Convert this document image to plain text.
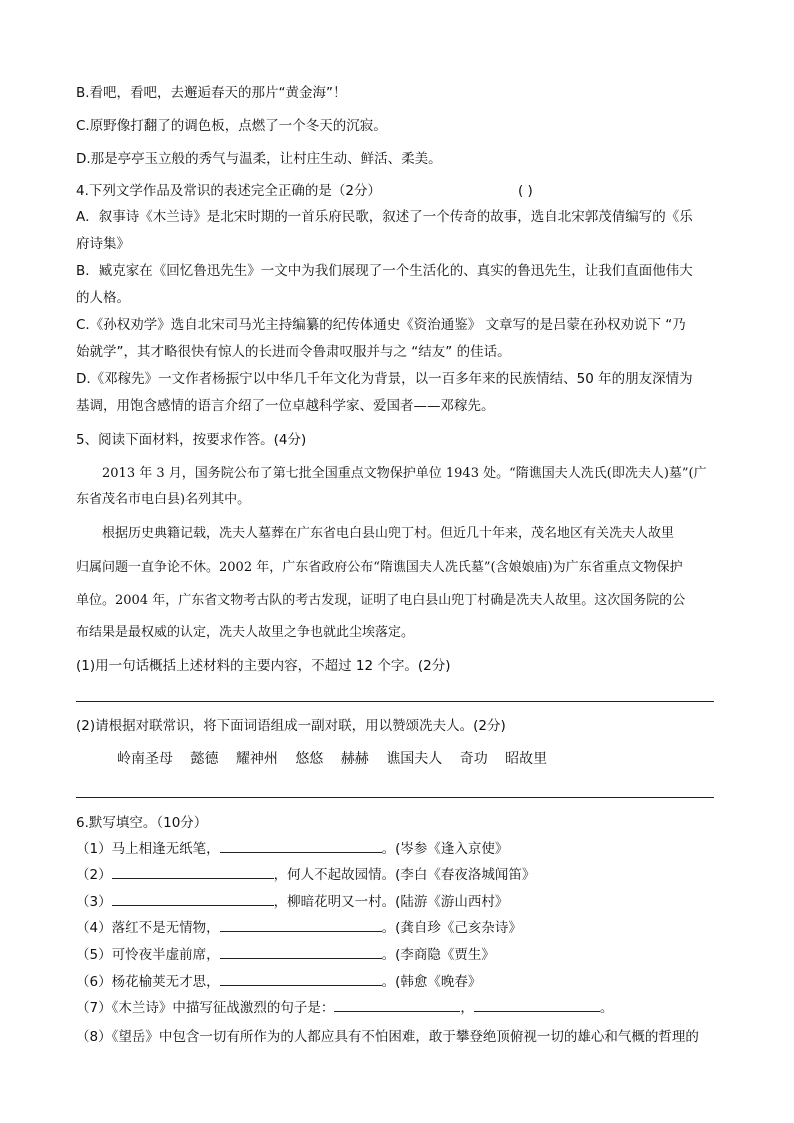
B.看吧，看吧，去邂逅春天的那片“黄金海”！
C.原野像打翻了的调色板，点燃了一个冬天的沉寂。
D.那是亭亭玉立般的秀气与温柔，让村庄生动、鲜活、柔美。
4.下列文学作品及常识的表述完全正确的是（2分）	( )
A．叙事诗《木兰诗》是北宋时期的一首乐府民歌，叙述了一个传奇的故事，选自北宋郭茂倩编写的《乐
府诗集》
B．臧克家在《回忆鲁迅先生》一文中为我们展现了一个生活化的、真实的鲁迅先生，让我们直面他伟大
的人格。
C.《孙权劝学》选自北宋司马光主持编纂的纪传体通史《资治通鉴》 文章写的是吕蒙在孙权劝说下 “乃
始就学”，其才略很快有惊人的长进而令鲁肃叹服并与之 “结友” 的佳话。
D.《邓稼先》一文作者杨振宁以中华几千年文化为背景，以一百多年来的民族情结、50 年的朋友深情为
基调，用饱含感情的语言介绍了一位卓越科学家、爱国者——邓稼先。
5、阅读下面材料，按要求作答。(4分)
2013 年 3 月，国务院公布了第七批全国重点文物保护单位 1943 处。“隋谯国夫人冼氏(即冼夫人)墓”(广
东省茂名市电白县)名列其中。
根据历史典籍记载，冼夫人墓葬在广东省电白县山兜丁村。但近几十年来，茂名地区有关冼夫人故里
归属问题一直争论不休。2002 年，广东省政府公布“隋谯国夫人冼氏墓”(含娘娘庙)为广东省重点文物保护
单位。2004 年，广东省文物考古队的考古发现，证明了电白县山兜丁村确是冼夫人故里。这次国务院的公
布结果是最权威的认定，冼夫人故里之争也就此尘埃落定。
(1)用一句话概括上述材料的主要内容，不超过 12 个字。(2分)
(2)请根据对联常识，将下面词语组成一副对联，用以赞颂冼夫人。(2分)
岭南圣母 懿德 耀神州 悠悠 赫赫 谯国夫人 奇功 昭故里
6.默写填空。（10分）
（1）马上相逢无纸笔，	。(岑参《逢入京使》
（2）	，何人不起故园情。(李白《春夜洛城闻笛》
（3）	，柳暗花明又一村。(陆游《游山西村》
（4）落红不是无情物，	。(龚自珍《己亥杂诗》
（5）可怜夜半虚前席，	。(李商隐《贾生》
（6）杨花榆荚无才思，	。(韩愈《晚春》
（7）《木兰诗》中描写征战激烈的句子是：	，	。
（8）《望岳》中包含一切有所作为的人都应具有不怕困难，敢于攀登绝顶俯视一切的雄心和气概的哲理的
